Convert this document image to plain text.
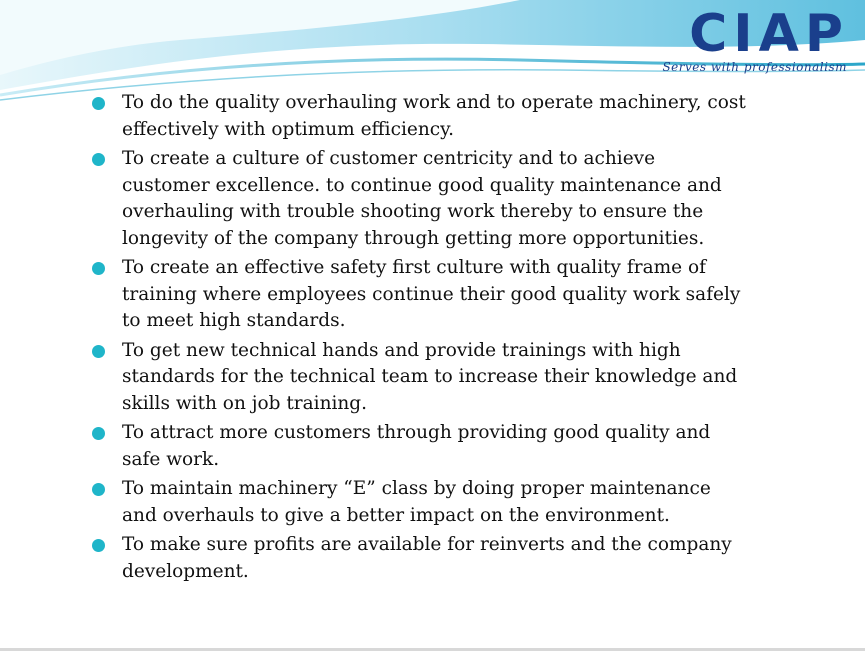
CIAP
Serves with professionalism
To do the quality overhauling work and to operate machinery, cost effectively with optimum efficiency.
To create a culture of customer centricity and to achieve customer excellence. to continue good quality maintenance and overhauling with trouble shooting work thereby to ensure the longevity of the company through getting more opportunities.
To create an effective safety first culture with quality frame of training where employees continue their good quality work safely to meet high standards.
To get new technical hands and provide trainings with high standards for the technical team to increase their knowledge and skills with on job training.
To attract more customers through providing good quality and safe work.
To maintain machinery “E” class by doing proper maintenance and overhauls to give a better impact on the environment.
To make sure profits are available for reinverts and the company development.
